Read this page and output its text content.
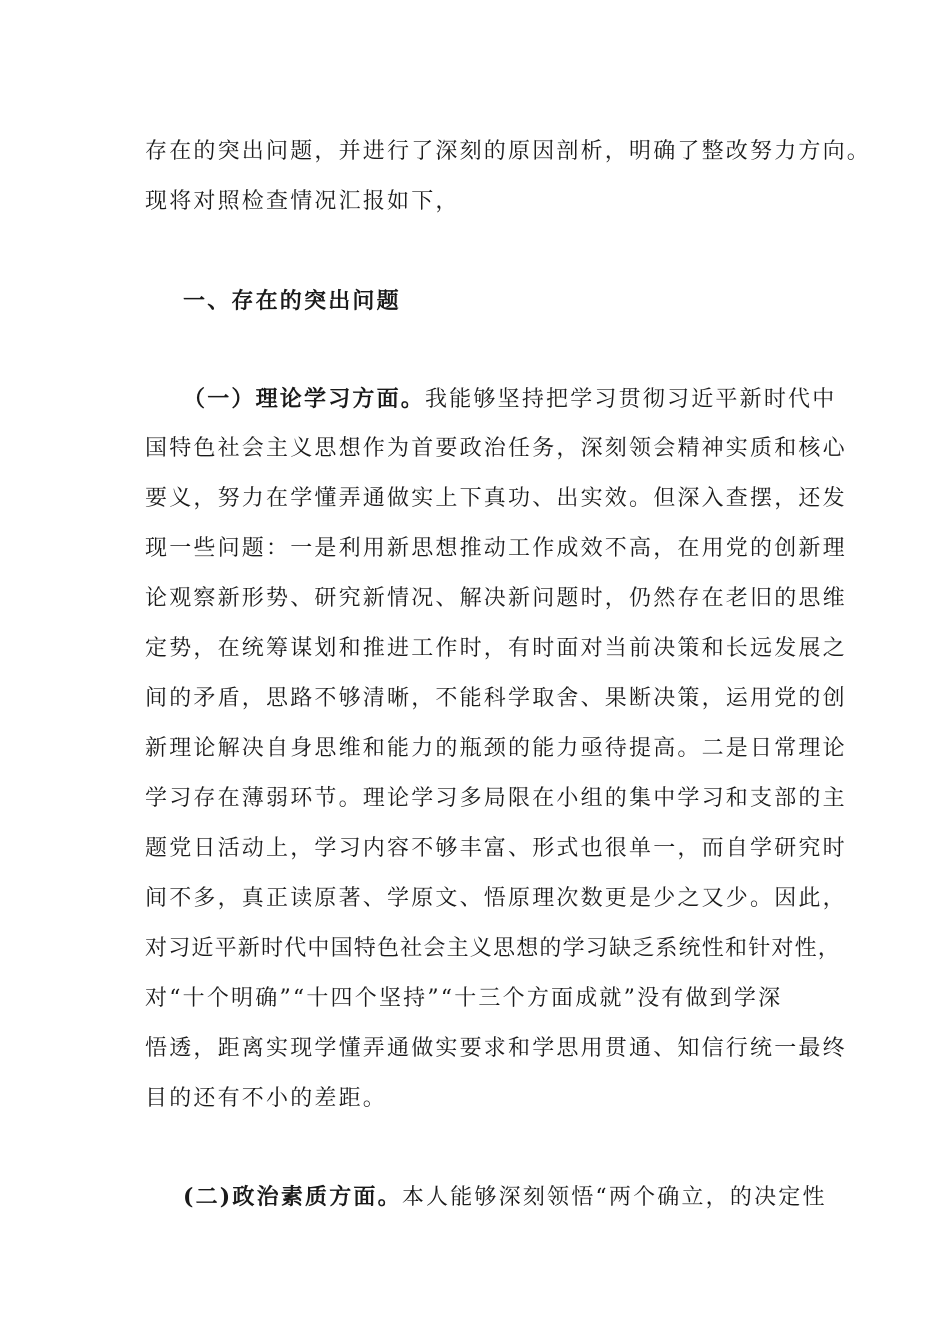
存在的突出问题，并进行了深刻的原因剖析，明确了整改努力方向。
现将对照检查情况汇报如下，
一、存在的突出问题
（一）理论学习方面。我能够坚持把学习贯彻习近平新时代中
国特色社会主义思想作为首要政治任务，深刻领会精神实质和核心
要义，努力在学懂弄通做实上下真功、出实效。但深入查摆，还发
现一些问题：一是利用新思想推动工作成效不高，在用党的创新理
论观察新形势、研究新情况、解决新问题时，仍然存在老旧的思维
定势，在统筹谋划和推进工作时，有时面对当前决策和长远发展之
间的矛盾，思路不够清晰，不能科学取舍、果断决策，运用党的创
新理论解决自身思维和能力的瓶颈的能力亟待提高。二是日常理论
学习存在薄弱环节。理论学习多局限在小组的集中学习和支部的主
题党日活动上，学习内容不够丰富、形式也很单一，而自学研究时
间不多，真正读原著、学原文、悟原理次数更是少之又少。因此，
对习近平新时代中国特色社会主义思想的学习缺乏系统性和针对性，
对“十个明确”“十四个坚持”“十三个方面成就”没有做到学深
悟透，距离实现学懂弄通做实要求和学思用贯通、知信行统一最终
目的还有不小的差距。
(二)政治素质方面。本人能够深刻领悟“两个确立，的决定性
